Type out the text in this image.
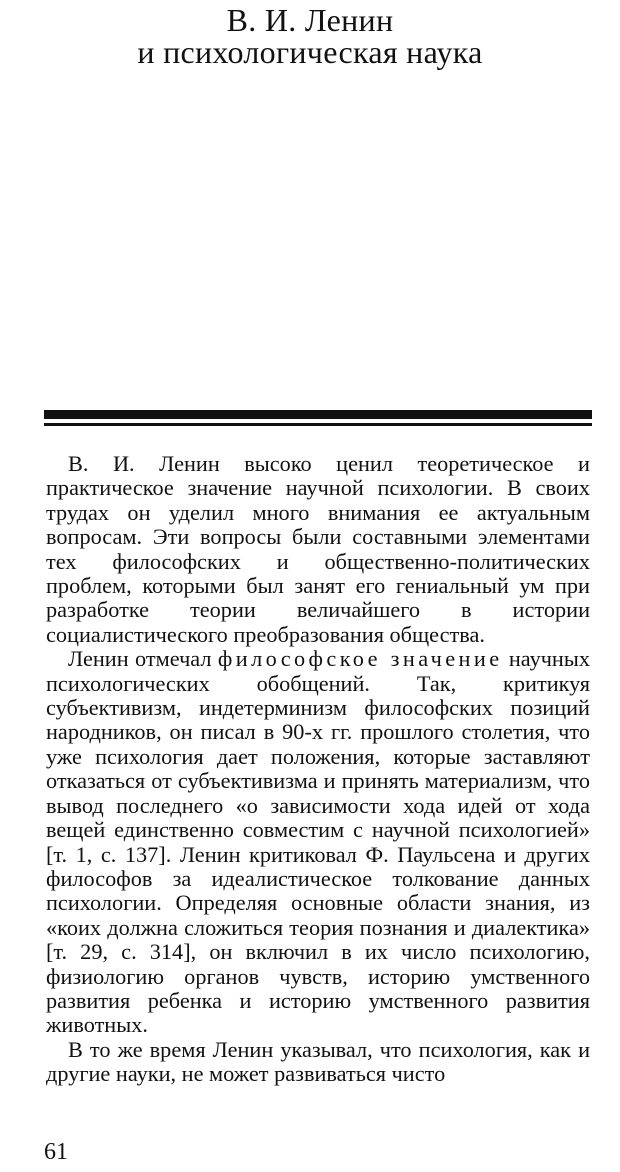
В. И. Ленин
и психологическая наука

В. И. Ленин высоко ценил теоретическое и практическое значение научной психологии. В своих трудах он уделил много внимания ее актуальным вопросам. Эти вопросы были составными элементами тех философских и общественно-политических проблем, которыми был занят его гениальный ум при разработке теории величайшего в истории социалистического преобразования общества.

Ленин отмечал философское значение научных психологических обобщений. Так, критикуя субъективизм, индетерминизм философских позиций народников, он писал в 90-х гг. прошлого столетия, что уже психология дает положения, которые заставляют отказаться от субъективизма и принять материализм, что вывод последнего «о зависимости хода идей от хода вещей единственно совместим с научной психологией» [т. 1, с. 137]. Ленин критиковал Ф. Паульсена и других философов за идеалистическое толкование данных психологии. Определяя основные области знания, из «коих должна сложиться теория познания и диалектика» [т. 29, с. 314], он включил в их число психологию, физиологию органов чувств, историю умственного развития ребенка и историю умственного развития животных.

В то же время Ленин указывал, что психология, как и другие науки, не может развиваться чисто

61
